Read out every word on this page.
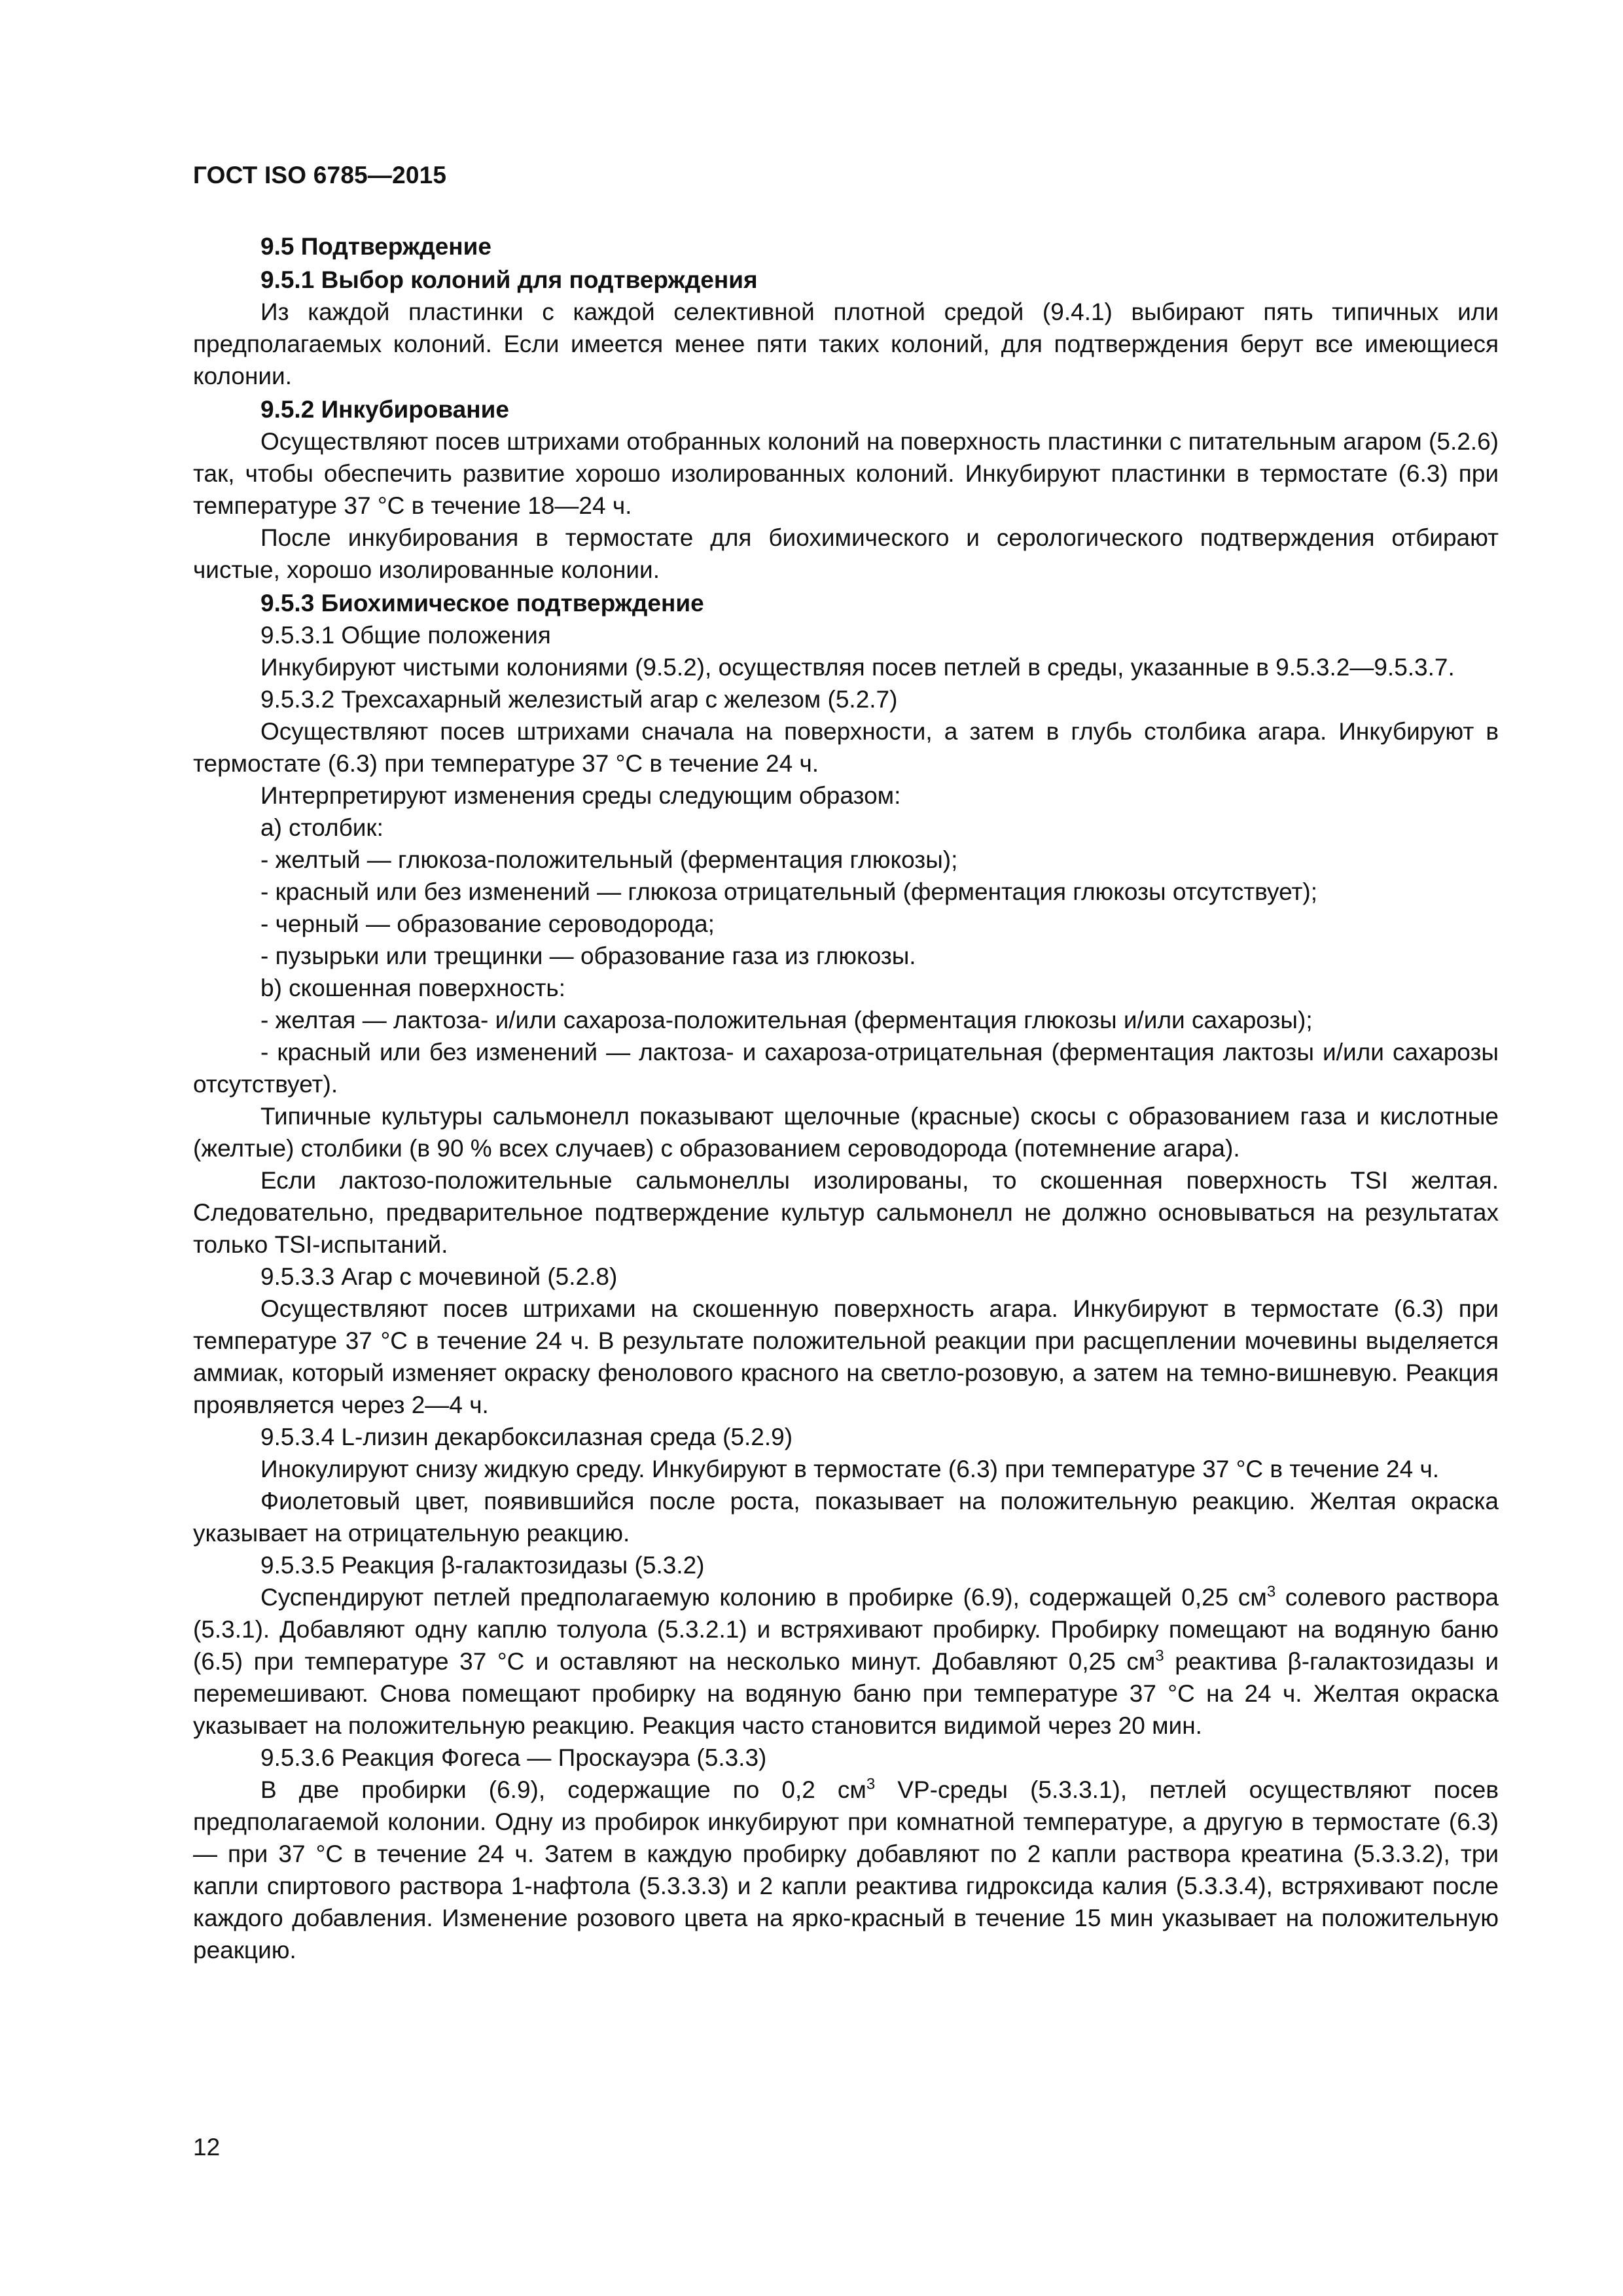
ГОСТ ISO 6785—2015

9.5 Подтверждение

9.5.1 Выбор колоний для подтверждения

Из каждой пластинки с каждой селективной плотной средой (9.4.1) выбирают пять типичных или предполагаемых колоний. Если имеется менее пяти таких колоний, для подтверждения берут все имеющиеся колонии.

9.5.2 Инкубирование

Осуществляют посев штрихами отобранных колоний на поверхность пластинки с питательным агаром (5.2.6) так, чтобы обеспечить развитие хорошо изолированных колоний. Инкубируют пластинки в термостате (6.3) при температуре 37 °С в течение 18—24 ч.

После инкубирования в термостате для биохимического и серологического подтверждения отбирают чистые, хорошо изолированные колонии.

9.5.3 Биохимическое подтверждение

9.5.3.1 Общие положения

Инкубируют чистыми колониями (9.5.2), осуществляя посев петлей в среды, указанные в 9.5.3.2—9.5.3.7.

9.5.3.2 Трехсахарный железистый агар с железом (5.2.7)

Осуществляют посев штрихами сначала на поверхности, а затем в глубь столбика агара. Инкубируют в термостате (6.3) при температуре 37 °С в течение 24 ч.

Интерпретируют изменения среды следующим образом:

a) столбик:

- желтый — глюкоза-положительный (ферментация глюкозы);

- красный или без изменений — глюкоза отрицательный (ферментация глюкозы отсутствует);

- черный — образование сероводорода;

- пузырьки или трещинки — образование газа из глюкозы.

b) скошенная поверхность:

- желтая — лактоза- и/или сахароза-положительная (ферментация глюкозы и/или сахарозы);

- красный или без изменений — лактоза- и сахароза-отрицательная (ферментация лактозы и/или сахарозы отсутствует).

Типичные культуры сальмонелл показывают щелочные (красные) скосы с образованием газа и кислотные (желтые) столбики (в 90 % всех случаев) с образованием сероводорода (потемнение агара).

Если лактозо-положительные сальмонеллы изолированы, то скошенная поверхность TSI желтая. Следовательно, предварительное подтверждение культур сальмонелл не должно основываться на результатах только TSI-испытаний.

9.5.3.3 Агар с мочевиной (5.2.8)

Осуществляют посев штрихами на скошенную поверхность агара. Инкубируют в термостате (6.3) при температуре 37 °С в течение 24 ч. В результате положительной реакции при расщеплении мочевины выделяется аммиак, который изменяет окраску фенолового красного на светло-розовую, а затем на темно-вишневую. Реакция проявляется через 2—4 ч.

9.5.3.4 L-лизин декарбоксилазная среда (5.2.9)

Инокулируют снизу жидкую среду. Инкубируют в термостате (6.3) при температуре 37 °С в течение 24 ч.

Фиолетовый цвет, появившийся после роста, показывает на положительную реакцию. Желтая окраска указывает на отрицательную реакцию.

9.5.3.5 Реакция β-галактозидазы (5.3.2)

Суспендируют петлей предполагаемую колонию в пробирке (6.9), содержащей 0,25 $см^3$ солевого раствора (5.3.1). Добавляют одну каплю толуола (5.3.2.1) и встряхивают пробирку. Пробирку помещают на водяную баню (6.5) при температуре 37 °С и оставляют на несколько минут. Добавляют 0,25 $см^3$ реактива β-галактозидазы и перемешивают. Снова помещают пробирку на водяную баню при температуре 37 °С на 24 ч. Желтая окраска указывает на положительную реакцию. Реакция часто становится видимой через 20 мин.

9.5.3.6 Реакция Фогеса — Проскауэра (5.3.3)

В две пробирки (6.9), содержащие по 0,2 $см^3$ VP-среды (5.3.3.1), петлей осуществляют посев предполагаемой колонии. Одну из пробирок инкубируют при комнатной температуре, а другую в термостате (6.3) — при 37 °С в течение 24 ч. Затем в каждую пробирку добавляют по 2 капли раствора креатина (5.3.3.2), три капли спиртового раствора 1-нафтола (5.3.3.3) и 2 капли реактива гидроксида калия (5.3.3.4), встряхивают после каждого добавления. Изменение розового цвета на ярко-красный в течение 15 мин указывает на положительную реакцию.

12
